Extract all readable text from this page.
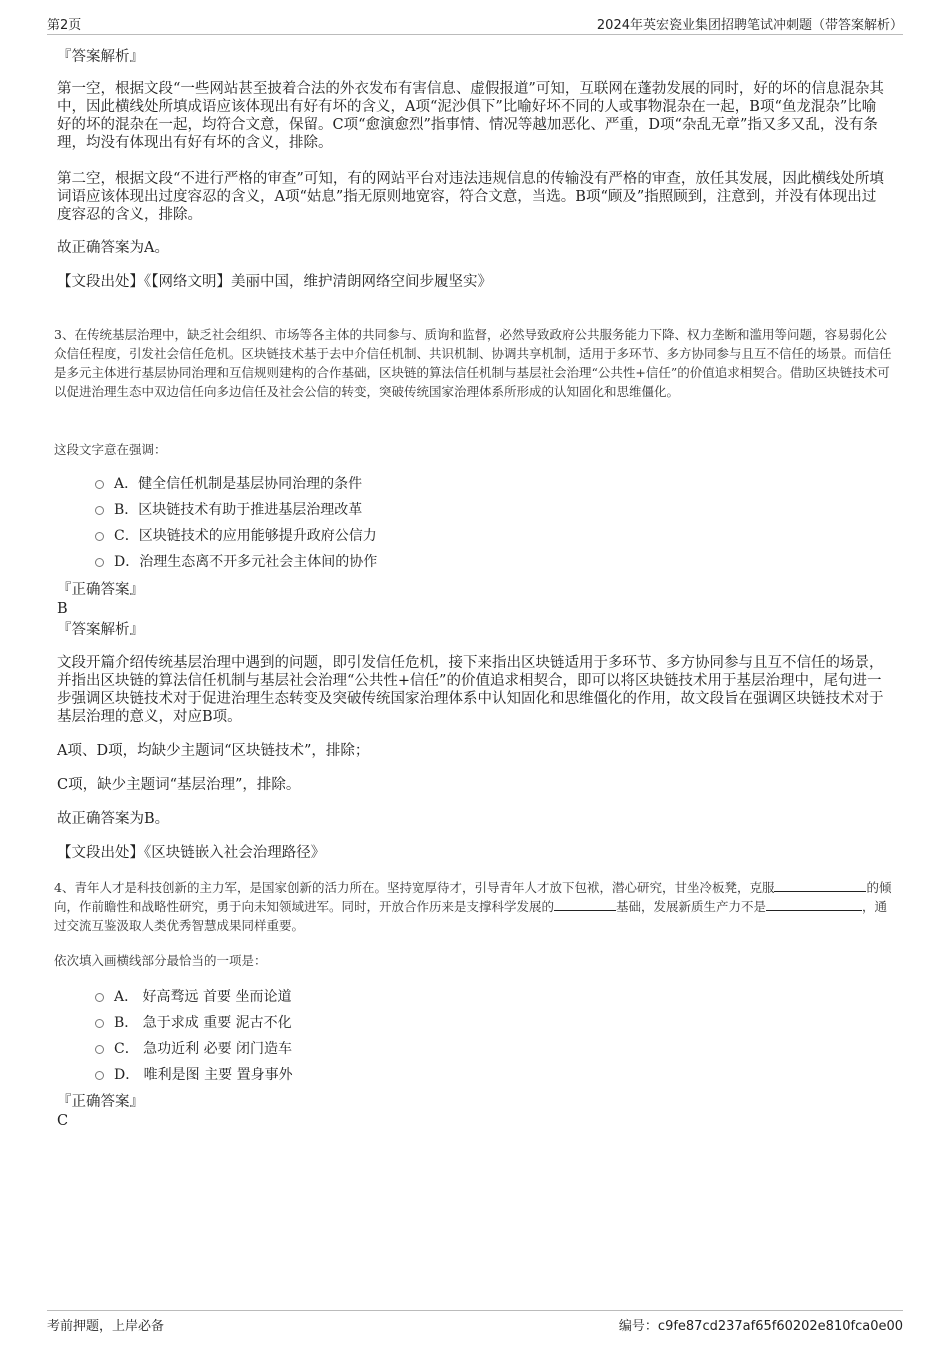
第2页	2024年英宏瓷业集团招聘笔试冲刺题（带答案解析）
『答案解析』
第一空，根据文段“一些网站甚至披着合法的外衣发布有害信息、虚假报道”可知，互联网在蓬勃发展的同时，好的坏的信息混杂其中，因此横线处所填成语应该体现出有好有坏的含义，A项“泥沙俱下”比喻好坏不同的人或事物混杂在一起，B项“鱼龙混杂”比喻好的坏的混杂在一起，均符合文意，保留。C项“愈演愈烈”指事情、情况等越加恶化、严重，D项“杂乱无章”指又多又乱，没有条理，均没有体现出有好有坏的含义，排除。
第二空，根据文段“不进行严格的审查”可知，有的网站平台对违法违规信息的传输没有严格的审查，放任其发展，因此横线处所填词语应该体现出过度容忍的含义，A项“姑息”指无原则地宽容，符合文意，当选。B项“顾及”指照顾到，注意到，并没有体现出过度容忍的含义，排除。
故正确答案为A。
【文段出处】《【网络文明】美丽中国，维护清朗网络空间步履坚实》
3、在传统基层治理中，缺乏社会组织、市场等各主体的共同参与、质询和监督，必然导致政府公共服务能力下降、权力垄断和滥用等问题，容易弱化公众信任程度，引发社会信任危机。区块链技术基于去中介信任机制、共识机制、协调共享机制，适用于多环节、多方协同参与且互不信任的场景。而信任是多元主体进行基层协同治理和互信规则建构的合作基础，区块链的算法信任机制与基层社会治理“公共性+信任”的价值追求相契合。借助区块链技术可以促进治理生态中双边信任向多边信任及社会公信的转变，突破传统国家治理体系所形成的认知固化和思维僵化。
这段文字意在强调：
A．健全信任机制是基层协同治理的条件
B．区块链技术有助于推进基层治理改革
C．区块链技术的应用能够提升政府公信力
D．治理生态离不开多元社会主体间的协作
『正确答案』
B
『答案解析』
文段开篇介绍传统基层治理中遇到的问题，即引发信任危机，接下来指出区块链适用于多环节、多方协同参与且互不信任的场景，并指出区块链的算法信任机制与基层社会治理“公共性+信任”的价值追求相契合，即可以将区块链技术用于基层治理中，尾句进一步强调区块链技术对于促进治理生态转变及突破传统国家治理体系中认知固化和思维僵化的作用，故文段旨在强调区块链技术对于基层治理的意义，对应B项。
A项、D项，均缺少主题词“区块链技术”，排除；
C项，缺少主题词“基层治理”，排除。
故正确答案为B。
【文段出处】《区块链嵌入社会治理路径》
4、青年人才是科技创新的主力军，是国家创新的活力所在。坚持宽厚待才，引导青年人才放下包袱，潜心研究，甘坐冷板凳，克服	的倾向，作前瞻性和战略性研究，勇于向未知领域进军。同时，开放合作历来是支撑科学发展的	基础，发展新质生产力不是	，通过交流互鉴汲取人类优秀智慧成果同样重要。
依次填入画横线部分最恰当的一项是：
A． 好高骛远 首要 坐而论道
B． 急于求成 重要 泥古不化
C． 急功近利 必要 闭门造车
D． 唯利是图 主要 置身事外
『正确答案』
C
考前押题，上岸必备	编号：c9fe87cd237af65f60202e810fca0e00
